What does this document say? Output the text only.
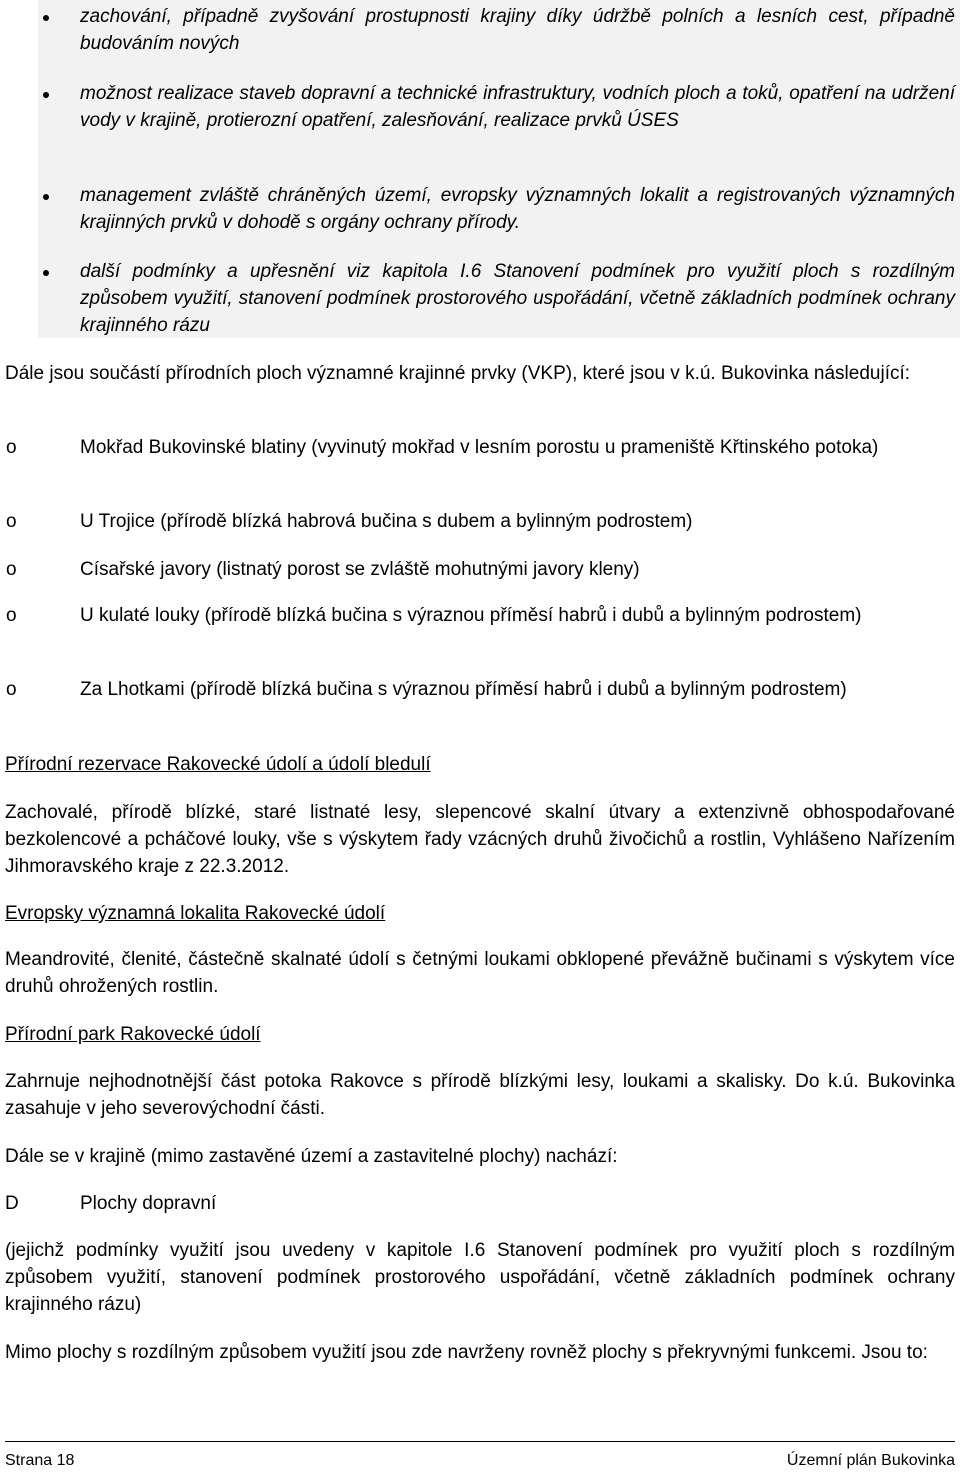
zachování, případně zvyšování prostupnosti krajiny díky údržbě polních a lesních cest, případně budováním nových

možnost realizace staveb dopravní a technické infrastruktury, vodních ploch a toků, opatření na udržení vody v krajině, protierozní opatření, zalesňování, realizace prvků ÚSES

management zvláště chráněných území, evropsky významných lokalit a registrovaných významných krajinných prvků v dohodě s orgány ochrany přírody.

další podmínky a upřesnění viz kapitola I.6 Stanovení podmínek pro využití ploch s rozdílným způsobem využití, stanovení podmínek prostorového uspořádání, včetně základních podmínek ochrany krajinného rázu

Dále jsou součástí přírodních ploch významné krajinné prvky (VKP), které jsou v k.ú. Bukovinka následující:

o	Mokřad Bukovinské blatiny (vyvinutý mokřad v lesním porostu u prameniště Křtinského potoka)

o	U Trojice (přírodě blízká habrová bučina s dubem a bylinným podrostem)

o	Císařské javory (listnatý porost se zvláště mohutnými javory kleny)

o	U kulaté louky (přírodě blízká bučina s výraznou příměsí habrů i dubů a bylinným podrostem)

o	Za Lhotkami (přírodě blízká bučina s výraznou příměsí habrů i dubů a bylinným podrostem)

Přírodní rezervace Rakovecké údolí a údolí bledulí

Zachovalé, přírodě blízké, staré listnaté lesy, slepencové skalní útvary a extenzivně obhospodařované bezkolencové a pcháčové louky, vše s výskytem řady vzácných druhů živočichů a rostlin, Vyhlášeno Nařízením Jihmoravského kraje z 22.3.2012.

Evropsky významná lokalita Rakovecké údolí

Meandrovité, členité, částečně skalnaté údolí s četnými loukami obklopené převážně bučinami s výskytem více druhů ohrožených rostlin.

Přírodní park Rakovecké údolí

Zahrnuje nejhodnotnější část potoka Rakovce s přírodě blízkými lesy, loukami a skalisky. Do k.ú. Bukovinka zasahuje v jeho severovýchodní části.

Dále se v krajině (mimo zastavěné území a zastavitelné plochy) nachází:

D	Plochy dopravní

(jejichž podmínky využití jsou uvedeny v kapitole I.6 Stanovení podmínek pro využití ploch s rozdílným způsobem využití, stanovení podmínek prostorového uspořádání, včetně základních podmínek ochrany krajinného rázu)

Mimo plochy s rozdílným způsobem využití jsou zde navrženy rovněž plochy s překryvnými funkcemi. Jsou to:

Strana 18	Územní plán Bukovinka
